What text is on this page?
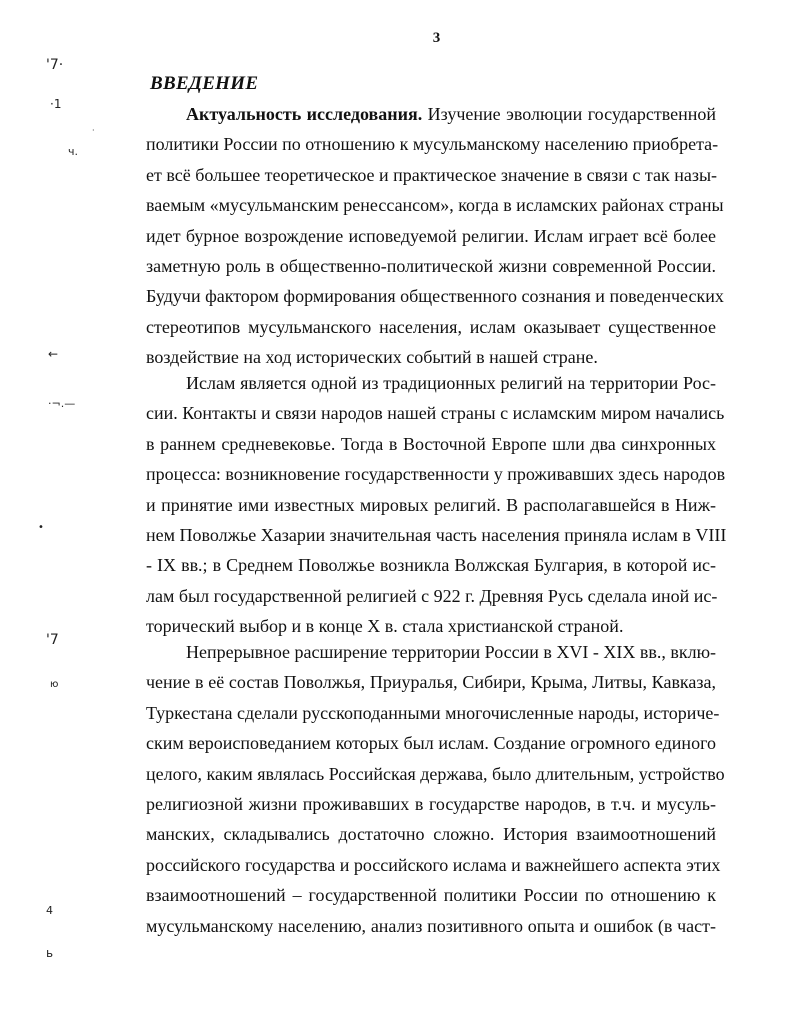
3
ВВЕДЕНИЕ
Актуальность исследования. Изучение эволюции государственной
политики России по отношению к мусульманскому населению приобрета-
ет всё большее теоретическое и практическое значение в связи с так назы-
ваемым «мусульманским ренессансом», когда в исламских районах страны
идет бурное возрождение исповедуемой религии. Ислам играет всё более
заметную роль в общественно-политической жизни современной России.
Будучи фактором формирования общественного сознания и поведенческих
стереотипов мусульманского населения, ислам оказывает существенное
воздействие на ход исторических событий в нашей стране.
Ислам является одной из традиционных религий на территории Рос-
сии. Контакты и связи народов нашей страны с исламским миром начались
в раннем средневековье. Тогда в Восточной Европе шли два синхронных
процесса: возникновение государственности у проживавших здесь народов
и принятие ими известных мировых религий. В располагавшейся в Ниж-
нем Поволжье Хазарии значительная часть населения приняла ислам в VIII
- IX вв.; в Среднем Поволжье возникла Волжская Булгария, в которой ис-
лам был государственной религией с 922 г. Древняя Русь сделала иной ис-
торический выбор и в конце X в. стала христианской страной.
Непрерывное расширение территории России в XVI - XIX вв., вклю-
чение в её состав Поволжья, Приуралья, Сибири, Крыма, Литвы, Кавказа,
Туркестана сделали русскоподанными многочисленные народы, историче-
ским вероисповеданием которых был ислам. Создание огромного единого
целого, каким являлась Российская держава, было длительным, устройство
религиозной жизни проживавших в государстве народов, в т.ч. и мусуль-
манских, складывались достаточно сложно. История взаимоотношений
российского государства и российского ислама и важнейшего аспекта этих
взаимоотношений – государственной политики России по отношению к
мусульманскому населению, анализ позитивного опыта и ошибок (в част-
'7·
·1
ч.
·
←
·¬.—
•
'7
ю
4
ь
